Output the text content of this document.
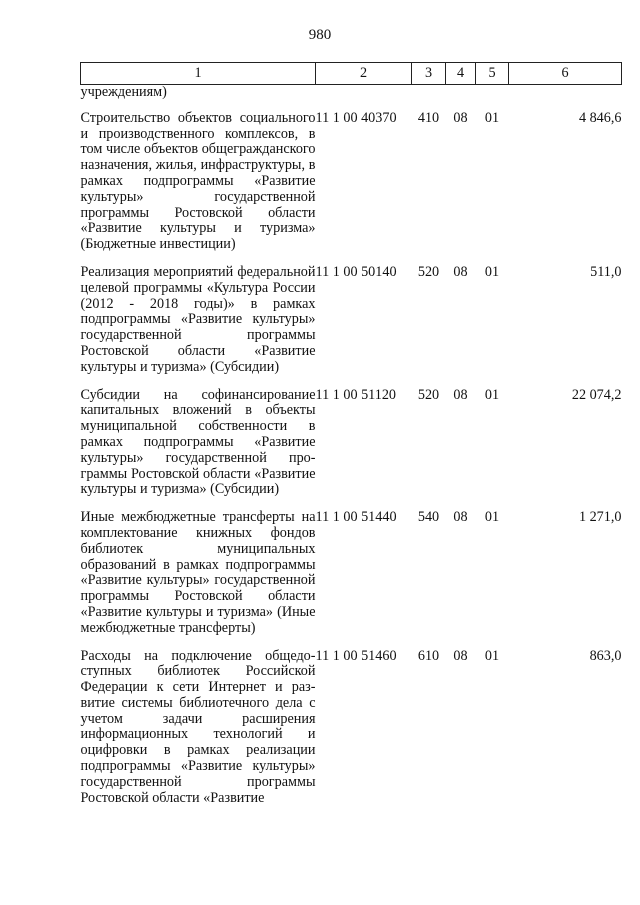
980
1	2	3	4	5	6
учреждениям)					
Строительство объектов социального и производственного комплексов, в том числе объектов общегражданского назначения, жилья, инфраструктуры, в рамках подпрограммы «Развитие культуры» государственной программы Ростовской области «Развитие культуры и туризма» (Бюджетные инвестиции)	11 1 00 40370	410	08	01	4 846,6
Реализация мероприятий федеральной целевой программы «Культура России (2012 - 2018 годы)» в рамках подпрограммы «Развитие культуры» государственной программы Ростовской области «Развитие культуры и туризма» (Субсидии)	11 1 00 50140	520	08	01	511,0
Субсидии на софинансирование капитальных вложений в объекты муниципальной собственности в рамках подпрограммы «Развитие культуры» государственной программы Ростовской области «Развитие культуры и туризма» (Субсидии)	11 1 00 51120	520	08	01	22 074,2
Иные межбюджетные трансферты на комплектование книжных фондов библиотек муниципальных образований в рамках подпрограммы «Развитие культуры» государственной программы Ростовской области «Развитие культуры и туризма» (Иные межбюджетные трансферты)	11 1 00 51440	540	08	01	1 271,0
Расходы на подключение общедоступных библиотек Российской Федерации к сети Интернет и развитие системы библиотечного дела с учетом задачи расширения информационных технологий и оцифровки в рамках реализации подпрограммы «Развитие культуры» государственной программы Ростовской области «Развитие	11 1 00 51460	610	08	01	863,0
